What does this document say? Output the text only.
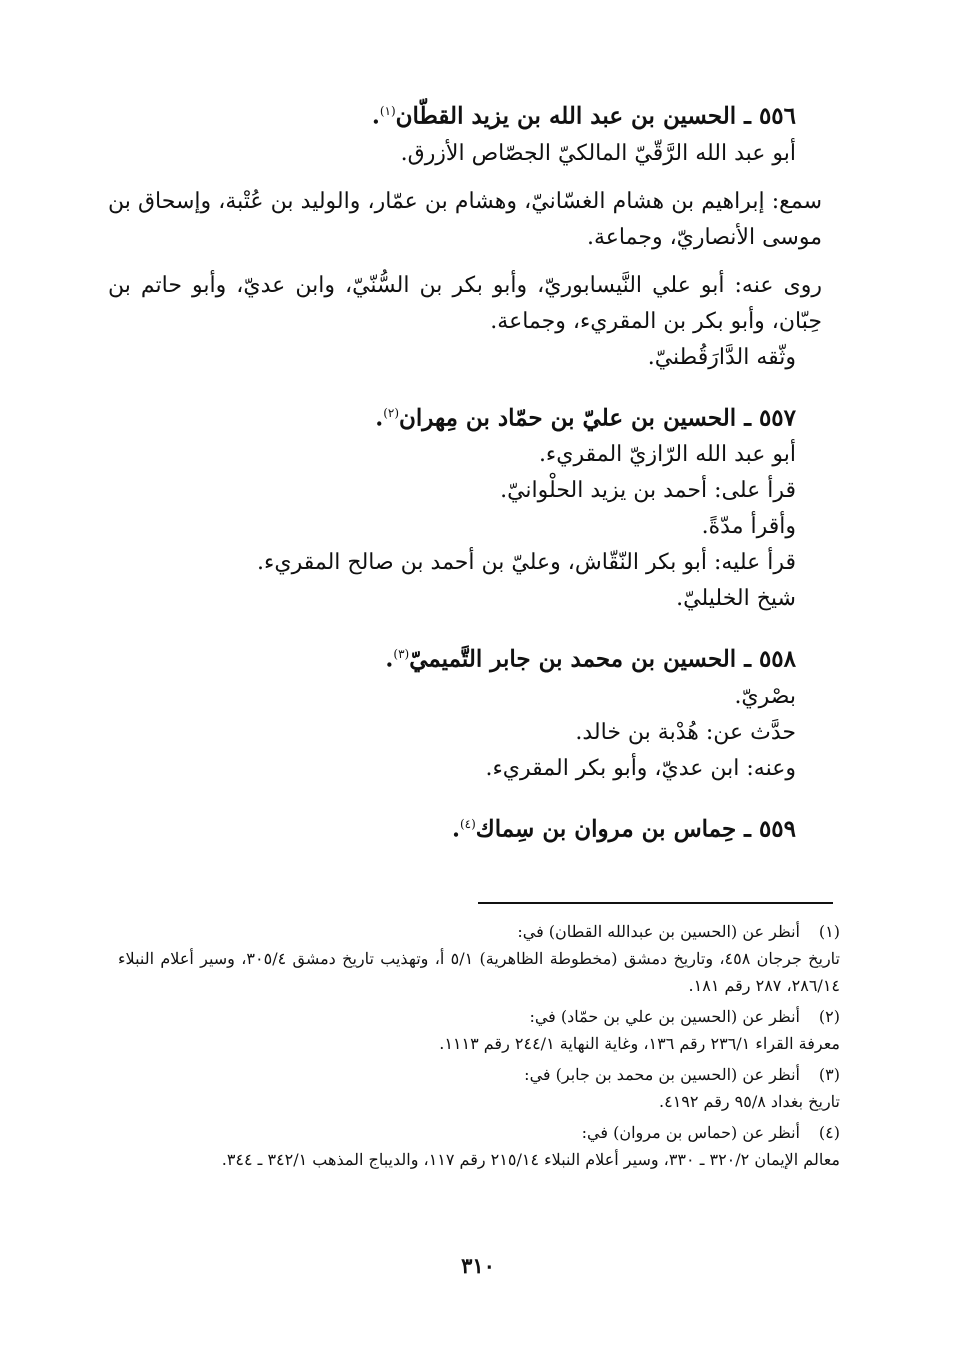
٥٥٦ ـ الحسين بن عبد الله بن يزيد القطّان$^{(١)}$.
أبو عبد الله الرَّقّيّ المالكيّ الجصّاص الأزرق.
سمع: إبراهيم بن هشام الغسّانيّ، وهشام بن عمّار، والوليد بن عُتْبة، وإسحاق بن موسى الأنصاريّ، وجماعة.
روى عنه: أبو علي النَّيسابوريّ، وأبو بكر بن السُّنّيّ، وابن عديّ، وأبو حاتم بن حِبّان، وأبو بكر بن المقريء، وجماعة.
وثّقه الدَّارَقُطنيّ.
٥٥٧ ـ الحسين بن عليّ بن حمّاد بن مِهران$^{(٢)}$.
أبو عبد الله الرّازيّ المقريء.
قرأ على: أحمد بن يزيد الحلْوانيّ.
وأقرأ مدّةً.
قرأ عليه: أبو بكر النّقّاش، وعليّ بن أحمد بن صالح المقريء.
شيخ الخليليّ.
٥٥٨ ـ الحسين بن محمد بن جابر التَّميميّ$^{(٣)}$.
بصْريّ.
حدَّث عن: هُدْبة بن خالد.
وعنه: ابن عديّ، وأبو بكر المقريء.
٥٥٩ ـ حِماس بن مروان بن سِماك$^{(٤)}$.
(١)
أنظر عن (الحسين بن عبدالله القطان) في:
تاريخ جرجان ٤٥٨، وتاريخ دمشق (مخطوطة الظاهرية) ٥/١ أ، وتهذيب تاريخ دمشق ٣٠٥/٤، وسير أعلام النبلاء ٢٨٦/١٤، ٢٨٧ رقم ١٨١.
(٢)
أنظر عن (الحسين بن علي بن حمّاد) في:
معرفة القراء ٢٣٦/١ رقم ١٣٦، وغاية النهاية ٢٤٤/١ رقم ١١١٣.
(٣)
أنظر عن (الحسين بن محمد بن جابر) في:
تاريخ بغداد ٩٥/٨ رقم ٤١٩٢.
(٤)
أنظر عن (حماس بن مروان) في:
معالم الإيمان ٣٢٠/٢ ـ ٣٣٠، وسير أعلام النبلاء ٢١٥/١٤ رقم ١١٧، والديباج المذهب ٣٤٢/١ ـ ٣٤٤.
٣١٠
